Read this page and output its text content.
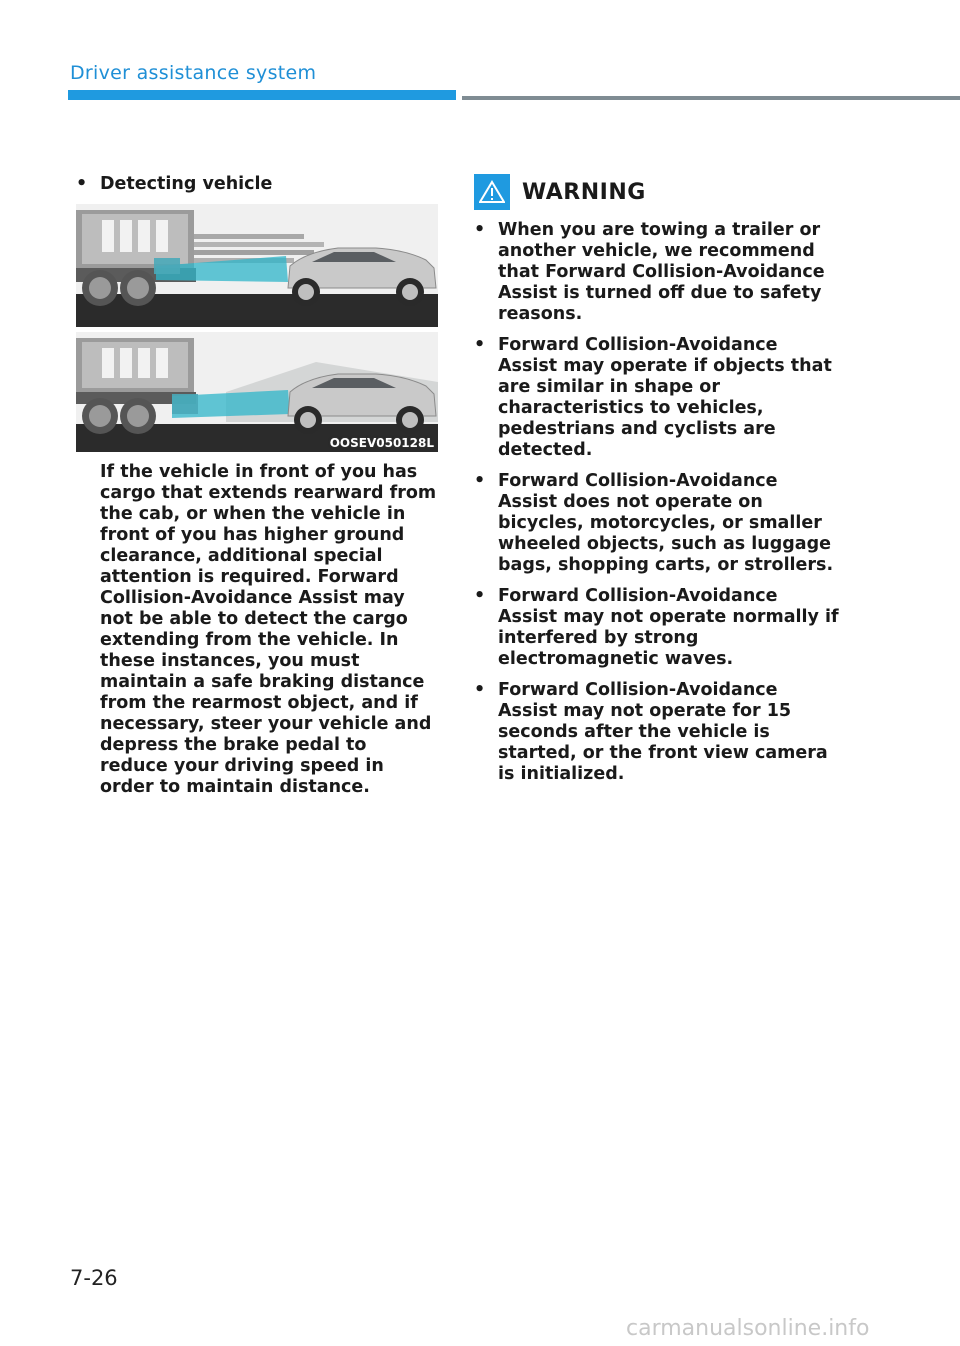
Driver assistance system
• Detecting vehicle
OOSEV050128L
If the vehicle in front of you has cargo that extends rearward from the cab, or when the vehicle in front of you has higher ground clearance, additional special attention is required. Forward Collision-Avoidance Assist may not be able to detect the cargo extending from the vehicle. In these instances, you must maintain a safe braking distance from the rearmost object, and if necessary, steer your vehicle and depress the brake pedal to reduce your driving speed in order to maintain distance.
WARNING
• When you are towing a trailer or another vehicle, we recommend that Forward Collision-Avoidance Assist is turned off due to safety reasons.
• Forward Collision-Avoidance Assist may operate if objects that are similar in shape or characteristics to vehicles, pedestrians and cyclists are detected.
• Forward Collision-Avoidance Assist does not operate on bicycles, motorcycles, or smaller wheeled objects, such as luggage bags, shopping carts, or strollers.
• Forward Collision-Avoidance Assist may not operate normally if interfered by strong electromagnetic waves.
• Forward Collision-Avoidance Assist may not operate for 15 seconds after the vehicle is started, or the front view camera is initialized.
7-26
carmanualsonline.info
